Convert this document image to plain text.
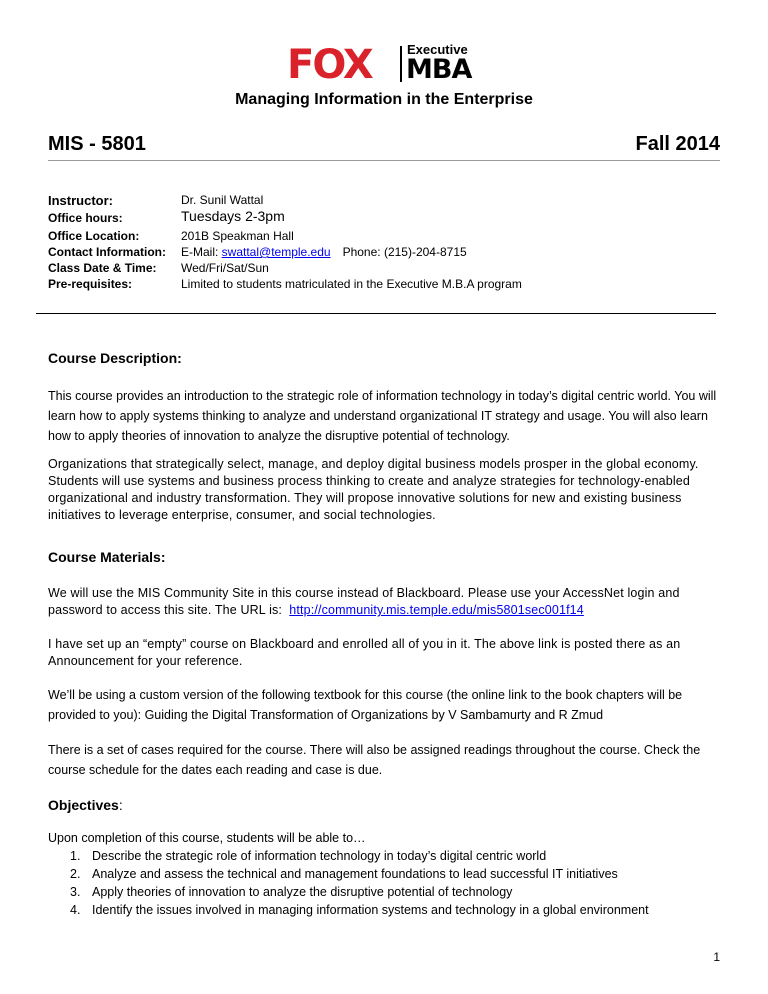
FOX	Executive
MBA
Managing Information in the Enterprise
MIS - 5801	Fall 2014
Instructor:	Dr. Sunil Wattal
Office hours:	Tuesdays 2-3pm
Office Location:	201B Speakman Hall
Contact Information: E-Mail: swattal@temple.edu Phone: (215)-204-8715
Class Date & Time: Wed/Fri/Sat/Sun
Pre-requisites:	Limited to students matriculated in the Executive M.B.A program
Course Description:
This course provides an introduction to the strategic role of information technology in today’s digital centric world. You will learn how to apply systems thinking to analyze and understand organizational IT strategy and usage. You will also learn how to apply theories of innovation to analyze the disruptive potential of technology.
Organizations that strategically select, manage, and deploy digital business models prosper in the global economy. Students will use systems and business process thinking to create and analyze strategies for technology-enabled organizational and industry transformation. They will propose innovative solutions for new and existing business initiatives to leverage enterprise, consumer, and social technologies.
Course Materials:
We will use the MIS Community Site in this course instead of Blackboard. Please use your AccessNet login and password to access this site. The URL is: http://community.mis.temple.edu/mis5801sec001f14
I have set up an “empty” course on Blackboard and enrolled all of you in it. The above link is posted there as an Announcement for your reference.
We’ll be using a custom version of the following textbook for this course (the online link to the book chapters will be provided to you): Guiding the Digital Transformation of Organizations by V Sambamurty and R Zmud
There is a set of cases required for the course. There will also be assigned readings throughout the course. Check the course schedule for the dates each reading and case is due.
Objectives:
Upon completion of this course, students will be able to…
1. Describe the strategic role of information technology in today’s digital centric world
2. Analyze and assess the technical and management foundations to lead successful IT initiatives
3. Apply theories of innovation to analyze the disruptive potential of technology
4. Identify the issues involved in managing information systems and technology in a global environment
1
